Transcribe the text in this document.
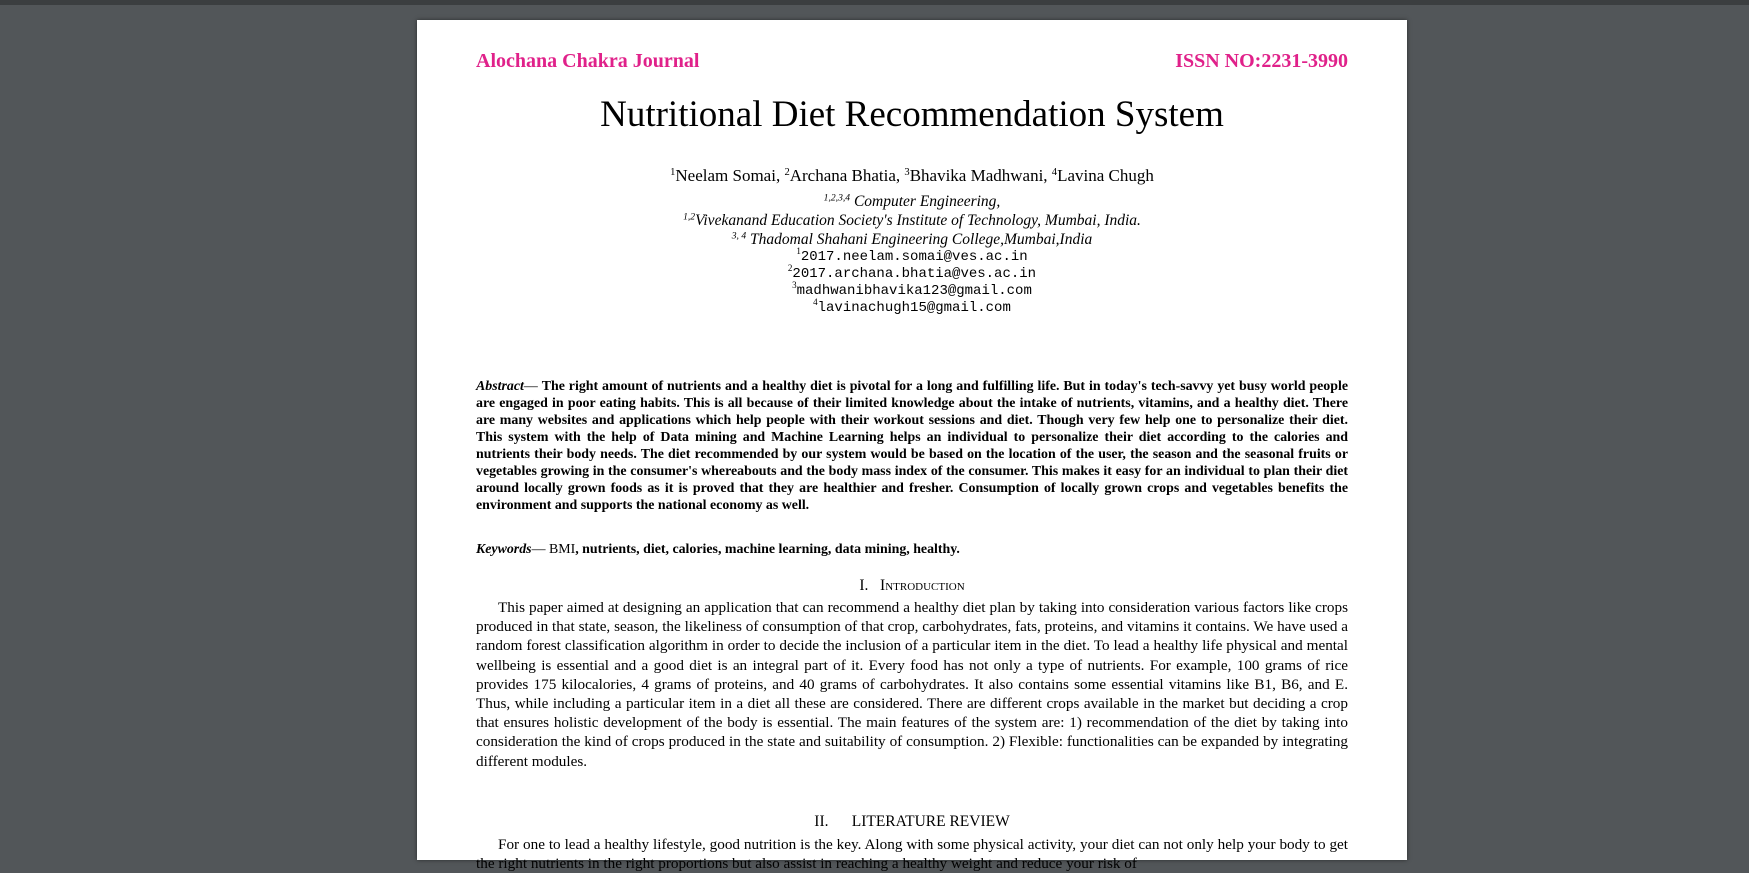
Alochana Chakra Journal	ISSN NO:2231-3990
Nutritional Diet Recommendation System
$^1$Neelam Somai, $^2$Archana Bhatia, $^3$Bhavika Madhwani, $^4$Lavina Chugh
$^{1,2,3,4}$ Computer Engineering,
$^{1,2}$Vivekanand Education Society's Institute of Technology, Mumbai, India.
$^{3, 4}$ Thadomal Shahani Engineering College,Mumbai,India
$^1$2017.neelam.somai@ves.ac.in
$^2$2017.archana.bhatia@ves.ac.in
$^3$madhwanibhavika123@gmail.com
$^4$lavinachugh15@gmail.com
Abstract— The right amount of nutrients and a healthy diet is pivotal for a long and fulfilling life. But in today's tech-savvy yet busy world people are engaged in poor eating habits. This is all because of their limited knowledge about the intake of nutrients, vitamins, and a healthy diet. There are many websites and applications which help people with their workout sessions and diet. Though very few help one to personalize their diet. This system with the help of Data mining and Machine Learning helps an individual to personalize their diet according to the calories and nutrients their body needs. The diet recommended by our system would be based on the location of the user, the season and the seasonal fruits or vegetables growing in the consumer's whereabouts and the body mass index of the consumer. This makes it easy for an individual to plan their diet around locally grown foods as it is proved that they are healthier and fresher. Consumption of locally grown crops and vegetables benefits the environment and supports the national economy as well.
Keywords— BMI, nutrients, diet, calories, machine learning, data mining, healthy.
I. Introduction
This paper aimed at designing an application that can recommend a healthy diet plan by taking into consideration various factors like crops produced in that state, season, the likeliness of consumption of that crop, carbohydrates, fats, proteins, and vitamins it contains. We have used a random forest classification algorithm in order to decide the inclusion of a particular item in the diet. To lead a healthy life physical and mental wellbeing is essential and a good diet is an integral part of it. Every food has not only a type of nutrients. For example, 100 grams of rice provides 175 kilocalories, 4 grams of proteins, and 40 grams of carbohydrates. It also contains some essential vitamins like B1, B6, and E. Thus, while including a particular item in a diet all these are considered. There are different crops available in the market but deciding a crop that ensures holistic development of the body is essential. The main features of the system are: 1) recommendation of the diet by taking into consideration the kind of crops produced in the state and suitability of consumption. 2) Flexible: functionalities can be expanded by integrating different modules.
II. LITERATURE REVIEW
For one to lead a healthy lifestyle, good nutrition is the key. Along with some physical activity, your diet can not only help your body to get the right nutrients in the right proportions but also assist in reaching a healthy weight and reduce your risk of
